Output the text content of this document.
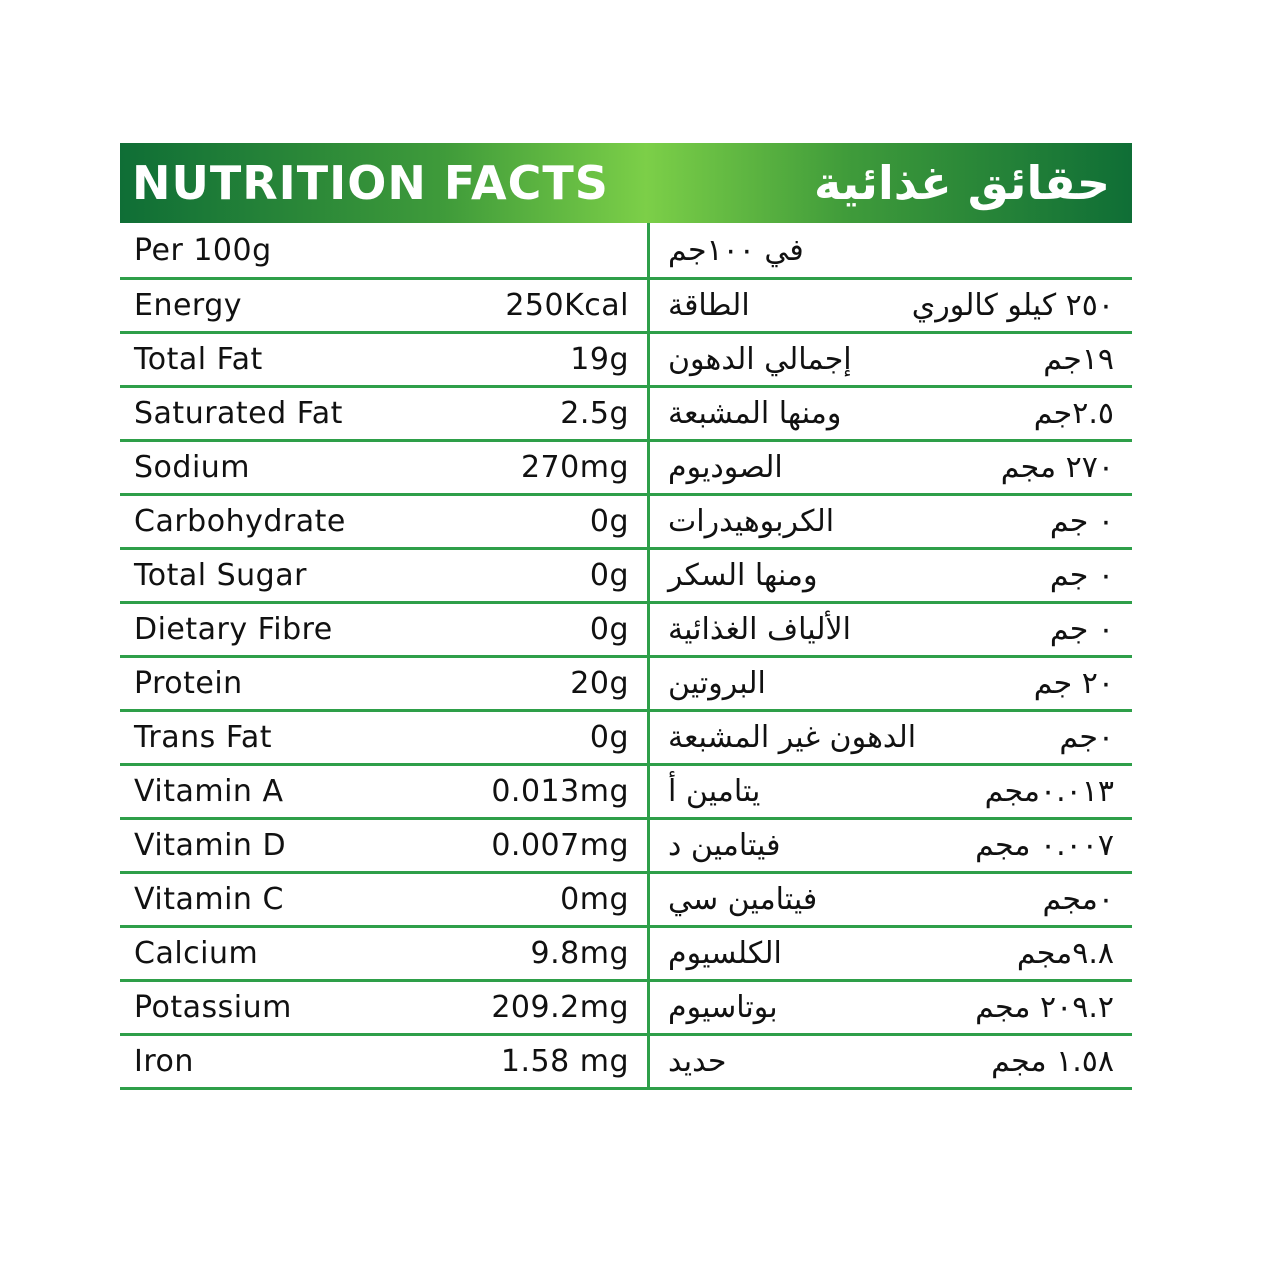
NUTRITION FACTS	حقائق غذائية
Per 100g	في ١٠٠جم
Energy	250Kcal الطاقة	٢٥٠ كيلو كالوري
Total Fat	19g إجمالي الدهون	١٩جم
Saturated Fat	2.5g ومنها المشبعة	٢.٥جم
Sodium	270mg الصوديوم	٢٧٠ مجم
Carbohydrate	0g الكربوهيدرات	٠ جم
Total Sugar	0g ومنها السكر	٠ جم
Dietary Fibre	0g الألياف الغذائية	٠ جم
Protein	20g البروتين	٢٠ جم
Trans Fat	0g الدهون غير المشبعة	٠جم
Vitamin A	0.013mg يتامين أ	٠.٠١٣مجم
Vitamin D	0.007mg فيتامين د	٠.٠٠٧ مجم
Vitamin C	0mg فيتامين سي	٠مجم
Calcium	9.8mg الكلسيوم	٩.٨مجم
Potassium	209.2mg بوتاسيوم	٢٠٩.٢ مجم
Iron	1.58 mg حديد	١.٥٨ مجم
